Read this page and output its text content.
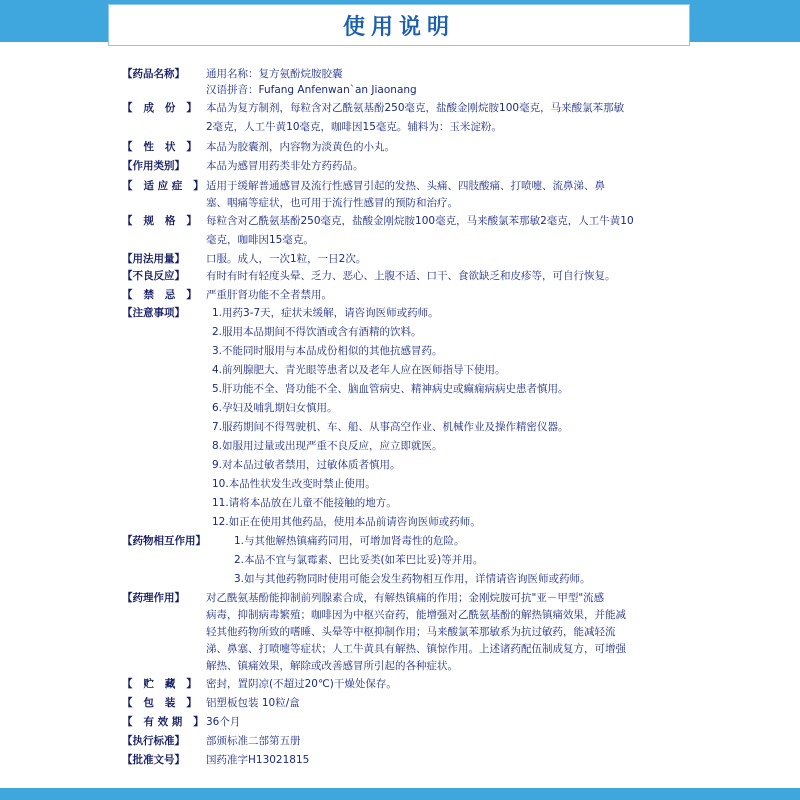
使用说明
【药品名称】	通用名称：复方氨酚烷胺胶囊
汉语拼音：Fufang Anfenwan`an Jiaonang
【   成   份   】 本品为复方制剂，每粒含对乙酰氨基酚250毫克，盐酸金刚烷胺100毫克，马来酸氯苯那敏
2毫克，人工牛黄10毫克，咖啡因15毫克。辅料为：玉米淀粉。
【   性   状   】 本品为胶囊剂，内容物为淡黄色的小丸。
【作用类别】	本品为感冒用药类非处方药药品。
【   适 应 症   】 适用于缓解普通感冒及流行性感冒引起的发热、头痛、四肢酸痛、打喷嚏、流鼻涕、鼻
塞、咽痛等症状，也可用于流行性感冒的预防和治疗。
【   规   格   】 每粒含对乙酰氨基酚250毫克，盐酸金刚烷胺100毫克，马来酸氯苯那敏2毫克，人工牛黄10
毫克，咖啡因15毫克。
【用法用量】	口服。成人，一次1粒，一日2次。
【不良反应】	有时有时有轻度头晕、乏力、恶心、上腹不适、口干、食欲缺乏和皮疹等，可自行恢复。
【   禁   忌   】 严重肝肾功能不全者禁用。
【注意事项】	1.用药3-7天，症状未缓解，请咨询医师或药师。
2.服用本品期间不得饮酒或含有酒精的饮料。
3.不能同时服用与本品成份相似的其他抗感冒药。
4.前列腺肥大、青光眼等患者以及老年人应在医师指导下使用。
5.肝功能不全、肾功能不全、脑血管病史、精神病史或癫痫病病史患者慎用。
6.孕妇及哺乳期妇女慎用。
7.服药期间不得驾驶机、车、船、从事高空作业、机械作业及操作精密仪器。
8.如服用过量或出现严重不良反应，应立即就医。
9.对本品过敏者禁用，过敏体质者慎用。
10.本品性状发生改变时禁止使用。
11.请将本品放在儿童不能接触的地方。
12.如正在使用其他药品，使用本品前请咨询医师或药师。
【药物相互作用】	1.与其他解热镇痛药同用，可增加肾毒性的危险。
2.本品不宜与氯霉素、巴比妥类(如苯巴比妥)等并用。
3.如与其他药物同时使用可能会发生药物相互作用，详情请咨询医师或药师。
【药理作用】	对乙酰氨基酚能抑制前列腺素合成，有解热镇痛的作用；金刚烷胺可抗"亚－甲型"流感
病毒，抑制病毒繁殖；咖啡因为中枢兴奋药，能增强对乙酰氨基酚的解热镇痛效果，并能减
轻其他药物所致的嗜睡、头晕等中枢抑制作用；马来酸氯苯那敏系为抗过敏药，能减轻流
涕、鼻塞、打喷嚏等症状；人工牛黄具有解热、镇惊作用。上述诸药配伍制成复方，可增强
解热、镇痛效果，解除或改善感冒所引起的各种症状。
【   贮   藏   】 密封，置阴凉(不超过20℃)干燥处保存。
【   包   装   】 铝塑板包装 10粒/盒
【   有 效 期   】 36个月
【执行标准】	部颁标准二部第五册
【批准文号】	国药准字H13021815
